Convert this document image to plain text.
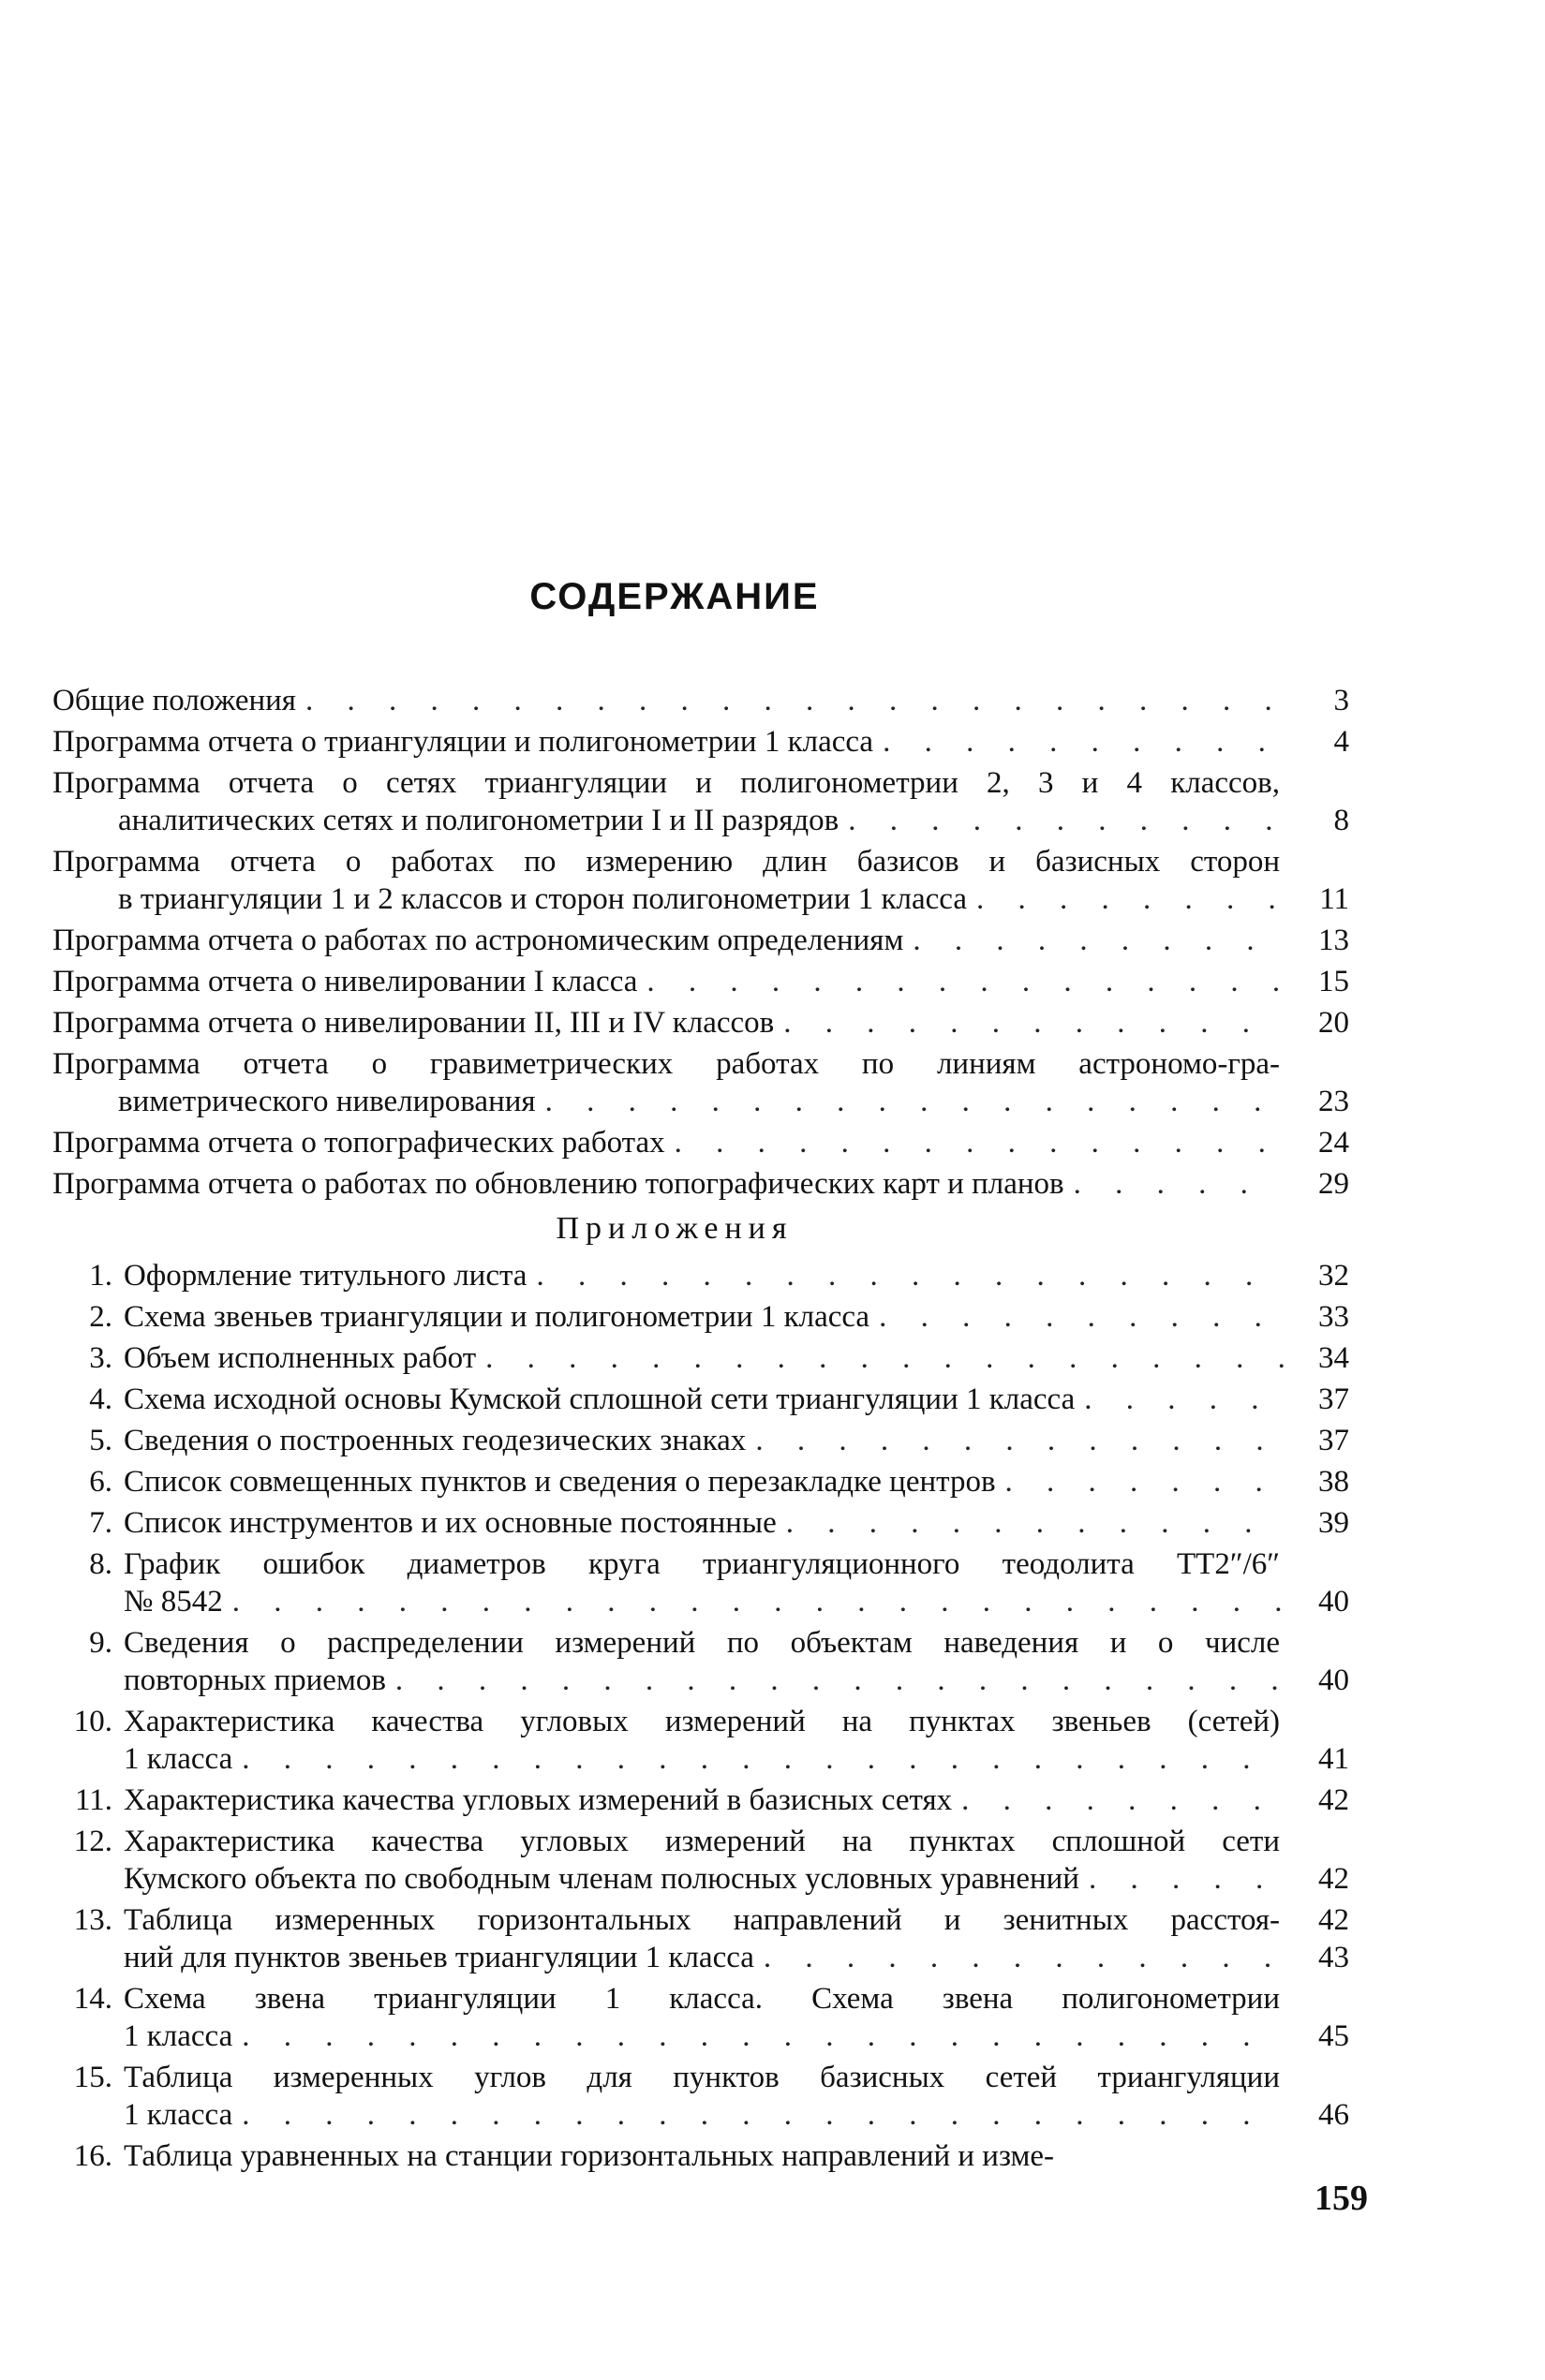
СОДЕРЖАНИЕ
Общие положения . . .	3
Программа отчета о триангуляции и полигонометрии 1 класса . . .	4
Программа отчета о сетях триангуляции и полигонометрии 2, 3 и 4 классов,
аналитических сетях и полигонометрии I и II разрядов . . .	8
Программа отчета о работах по измерению длин базисов и базисных сторон
в триангуляции 1 и 2 классов и сторон полигонометрии 1 класса . . .	11
Программа отчета о работах по астрономическим определениям . . .	13
Программа отчета о нивелировании I класса . . .	15
Программа отчета о нивелировании II, III и IV классов . . .	20
Программа отчета о гравиметрических работах по линиям астрономо-гра-
виметрического нивелирования . . .	23
Программа отчета о топографических работах . . .	24
Программа отчета о работах по обновлению топографических карт и планов . . .	29
Приложения
1. Оформление титульного листа . . .	32
2. Схема звеньев триангуляции и полигонометрии 1 класса . . .	33
3. Объем исполненных работ . . .	34
4. Схема исходной основы Кумской сплошной сети триангуляции 1 класса . . .	37
5. Сведения о построенных геодезических знаках . . .	37
6. Список совмещенных пунктов и сведения о перезакладке центров . . .	38
7. Список инструментов и их основные постоянные . . .	39
8. График ошибок диаметров круга триангуляционного теодолита ТТ2″/6″
№ 8542 . . .	40
9. Сведения о распределении измерений по объектам наведения и о числе
повторных приемов . . .	40
10. Характеристика качества угловых измерений на пунктах звеньев (сетей)
1 класса . . .	41
11. Характеристика качества угловых измерений в базисных сетях . . .	42
12. Характеристика качества угловых измерений на пунктах сплошной сети
Кумского объекта по свободным членам полюсных условных уравнений . . .	42
13. Таблица измеренных горизонтальных направлений и зенитных расстоя-	42
ний для пунктов звеньев триангуляции 1 класса . . .	43
14. Схема звена триангуляции 1 класса. Схема звена полигонометрии
1 класса . . .	45
15. Таблица измеренных углов для пунктов базисных сетей триангуляции
1 класса . . .	46
16. Таблица уравненных на станции горизонтальных направлений и изме-
159
